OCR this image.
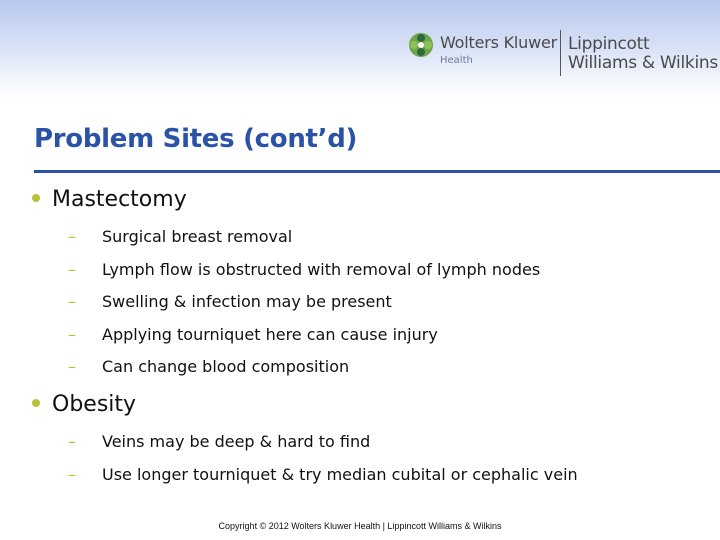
Wolters Kluwer
Health
Lippincott
Williams & Wilkins
Problem Sites (cont’d)
Mastectomy
– Surgical breast removal
– Lymph flow is obstructed with removal of lymph nodes
– Swelling & infection may be present
– Applying tourniquet here can cause injury
– Can change blood composition
Obesity
– Veins may be deep & hard to find
– Use longer tourniquet & try median cubital or cephalic vein
Copyright © 2012 Wolters Kluwer Health | Lippincott Williams & Wilkins
